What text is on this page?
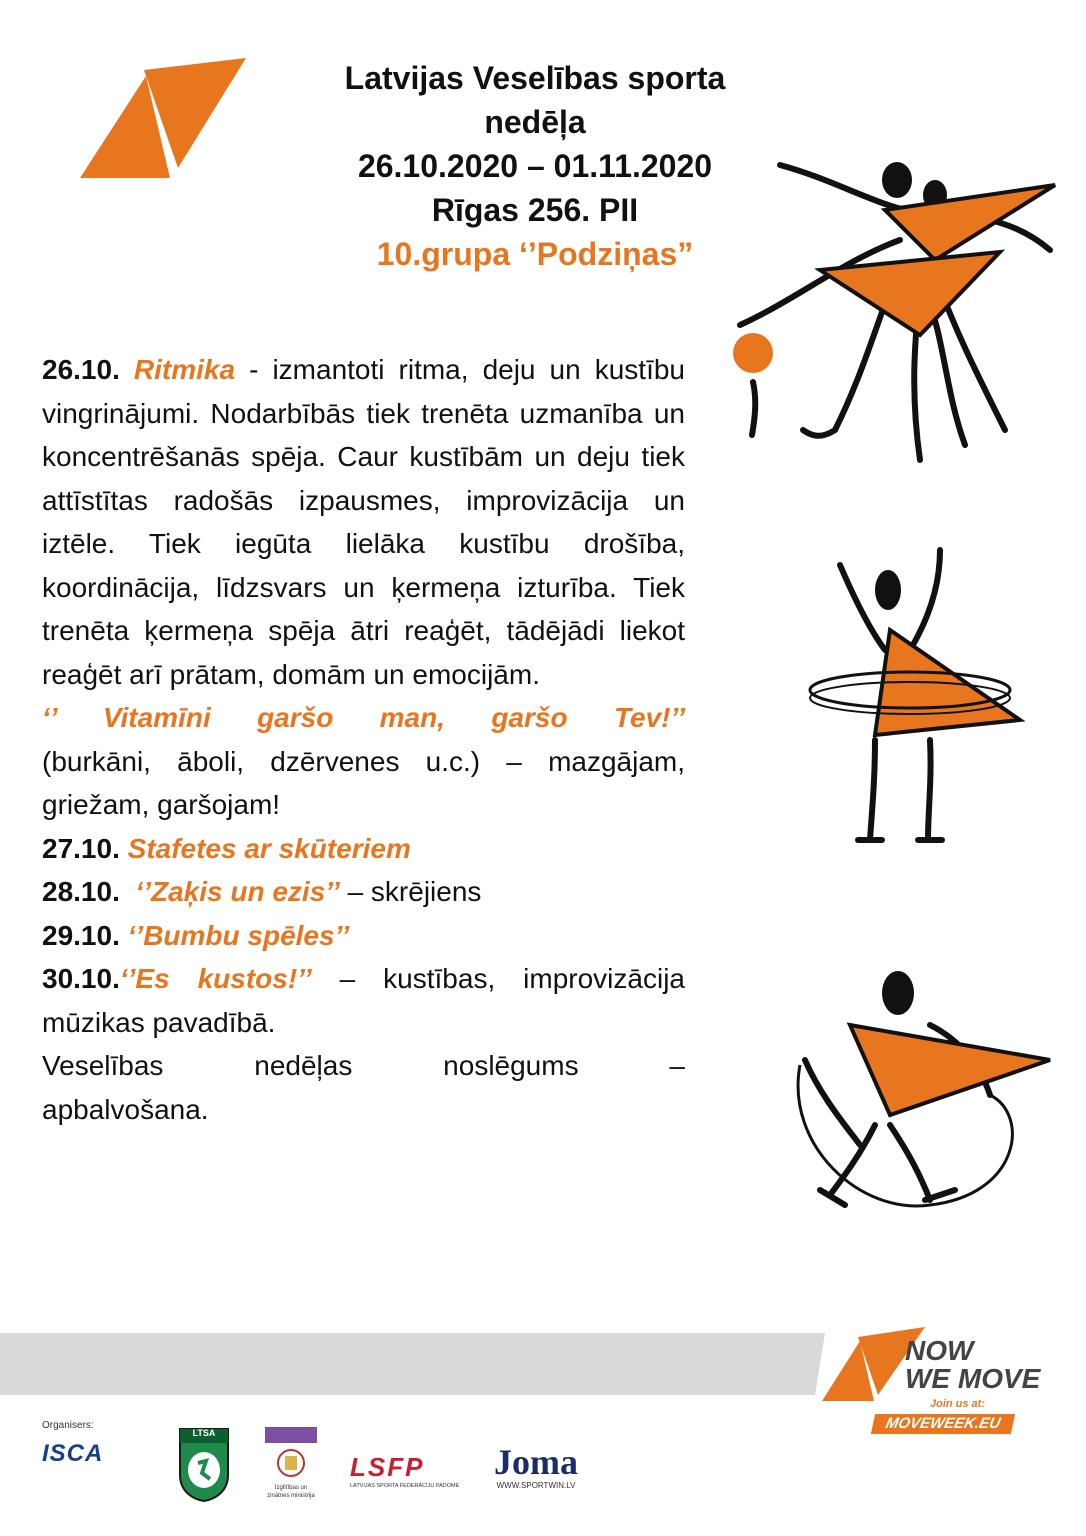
Latvijas Veselības sporta
nedēļa
26.10.2020 – 01.11.2020
Rīgas 256. PII
10.grupa ‘’Podziņas”

26.10. Ritmika - izmantoti ritma, deju un kustību vingrinājumi. Nodarbībās tiek trenēta uzmanība un koncentrēšanās spēja. Caur kustībām un deju tiek attīstītas radošās izpausmes, improvizācija un iztēle. Tiek iegūta lielāka kustību drošība, koordinācija, līdzsvars un ķermeņa izturība. Tiek trenēta ķermeņa spēja ātri reaģēt, tādējādi liekot reaģēt arī prātam, domām un emocijām.

‘’ Vitamīni garšo man, garšo Tev!’’

(burkāni, āboli, dzērvenes u.c.) – mazgājam, griežam, garšojam!

27.10. Stafetes ar skūteriem

28.10. ‘’Zaķis un ezis’’ – skrējiens

29.10. ‘’Bumbu spēles’’

30.10.‘’Es kustos!’’ – kustības, improvizācija mūzikas pavadībā.

Veselības nedēļas noslēgums –

apbalvošana.

NOW
WE MOVE
Join us at:
MOVEWEEK.EU
Organisers:
ISCA
LTSA
Izglītības un zinātnes ministrija
LSFP
LATVIJAS SPORTA FEDERĀCIJU PADOME
Joma
WWW.SPORTWIN.LV
